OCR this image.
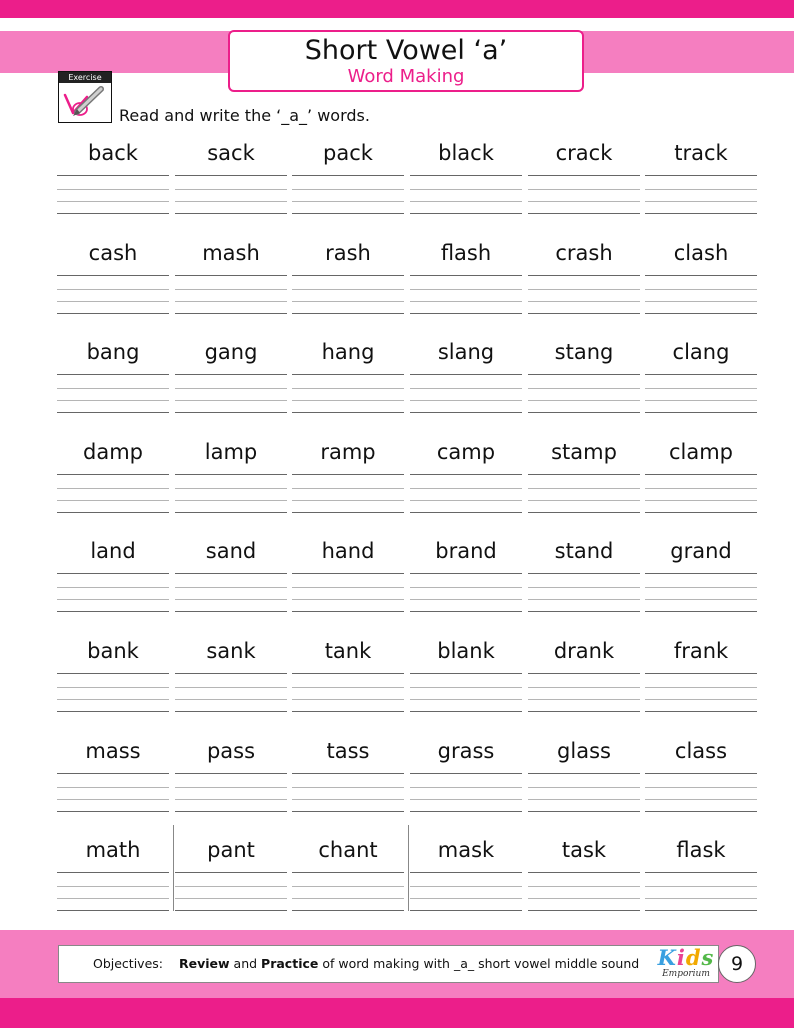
Short Vowel ‘a’
Word Making
Exercise
Read and write the ‘_a_’ words.
back	sack	pack	black	crack	track
cash	mash	rash	flash	crash	clash
bang	gang	hang	slang	stang	clang
damp	lamp	ramp	camp	stamp	clamp
land	sand	hand	brand	stand	grand
bank	sank	tank	blank	drank	frank
mass	pass	tass	grass	glass	class
math	pant	chant	mask	task	flask
Objectives: Review and Practice of word making with _a_ short vowel middle sound Kids
Emporium	9
